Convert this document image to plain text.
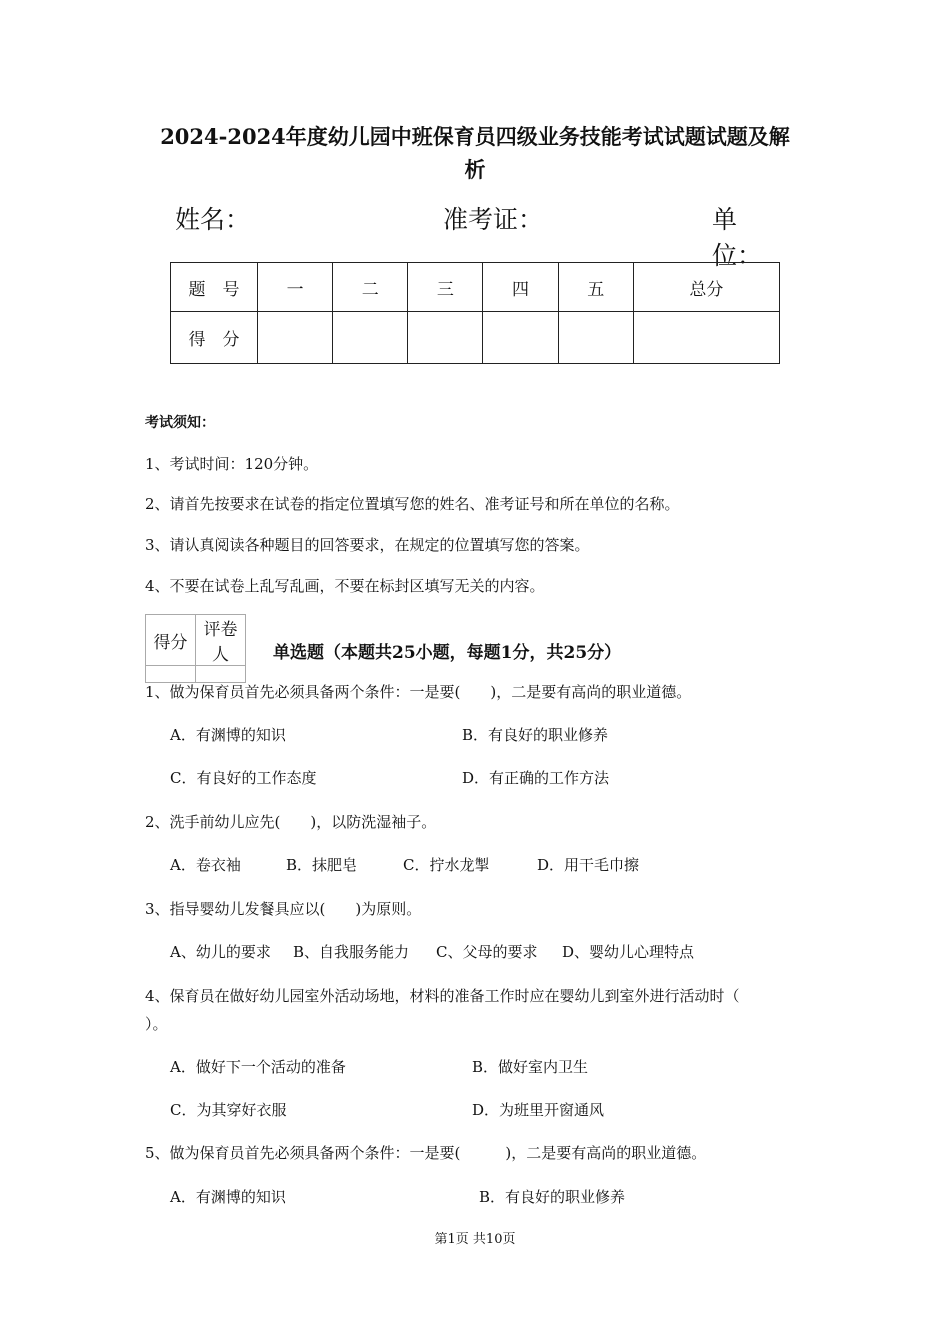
2024-2024年度幼儿园中班保育员四级业务技能考试试题试题及解
析
姓名：	准考证：	单位：
题　号	一	二	三	四	五	总分
得　分						
考试须知：
1、考试时间：120分钟。
2、请首先按要求在试卷的指定位置填写您的姓名、准考证号和所在单位的名称。
3、请认真阅读各种题目的回答要求，在规定的位置填写您的答案。
4、不要在试卷上乱写乱画，不要在标封区填写无关的内容。
得分	评卷人
		单选题（本题共25小题，每题1分，共25分）
1、做为保育员首先必须具备两个条件：一是要(　　)，二是要有高尚的职业道德。
A．有渊博的知识	B．有良好的职业修养
C．有良好的工作态度	D．有正确的工作方法
2、洗手前幼儿应先(　　)，以防洗湿袖子。
A．卷衣袖	B．抹肥皂	C．拧水龙掣	D．用干毛巾擦
3、指导婴幼儿发餐具应以(　　)为原则。
A、幼儿的要求 B、自我服务能力 C、父母的要求 D、婴幼儿心理特点
4、保育员在做好幼儿园室外活动场地，材料的准备工作时应在婴幼儿到室外进行活动时（
）。
A．做好下一个活动的准备	B．做好室内卫生
C．为其穿好衣服	D．为班里开窗通风
5、做为保育员首先必须具备两个条件：一是要(　　　)，二是要有高尚的职业道德。
A．有渊博的知识	B．有良好的职业修养
第1页 共10页
